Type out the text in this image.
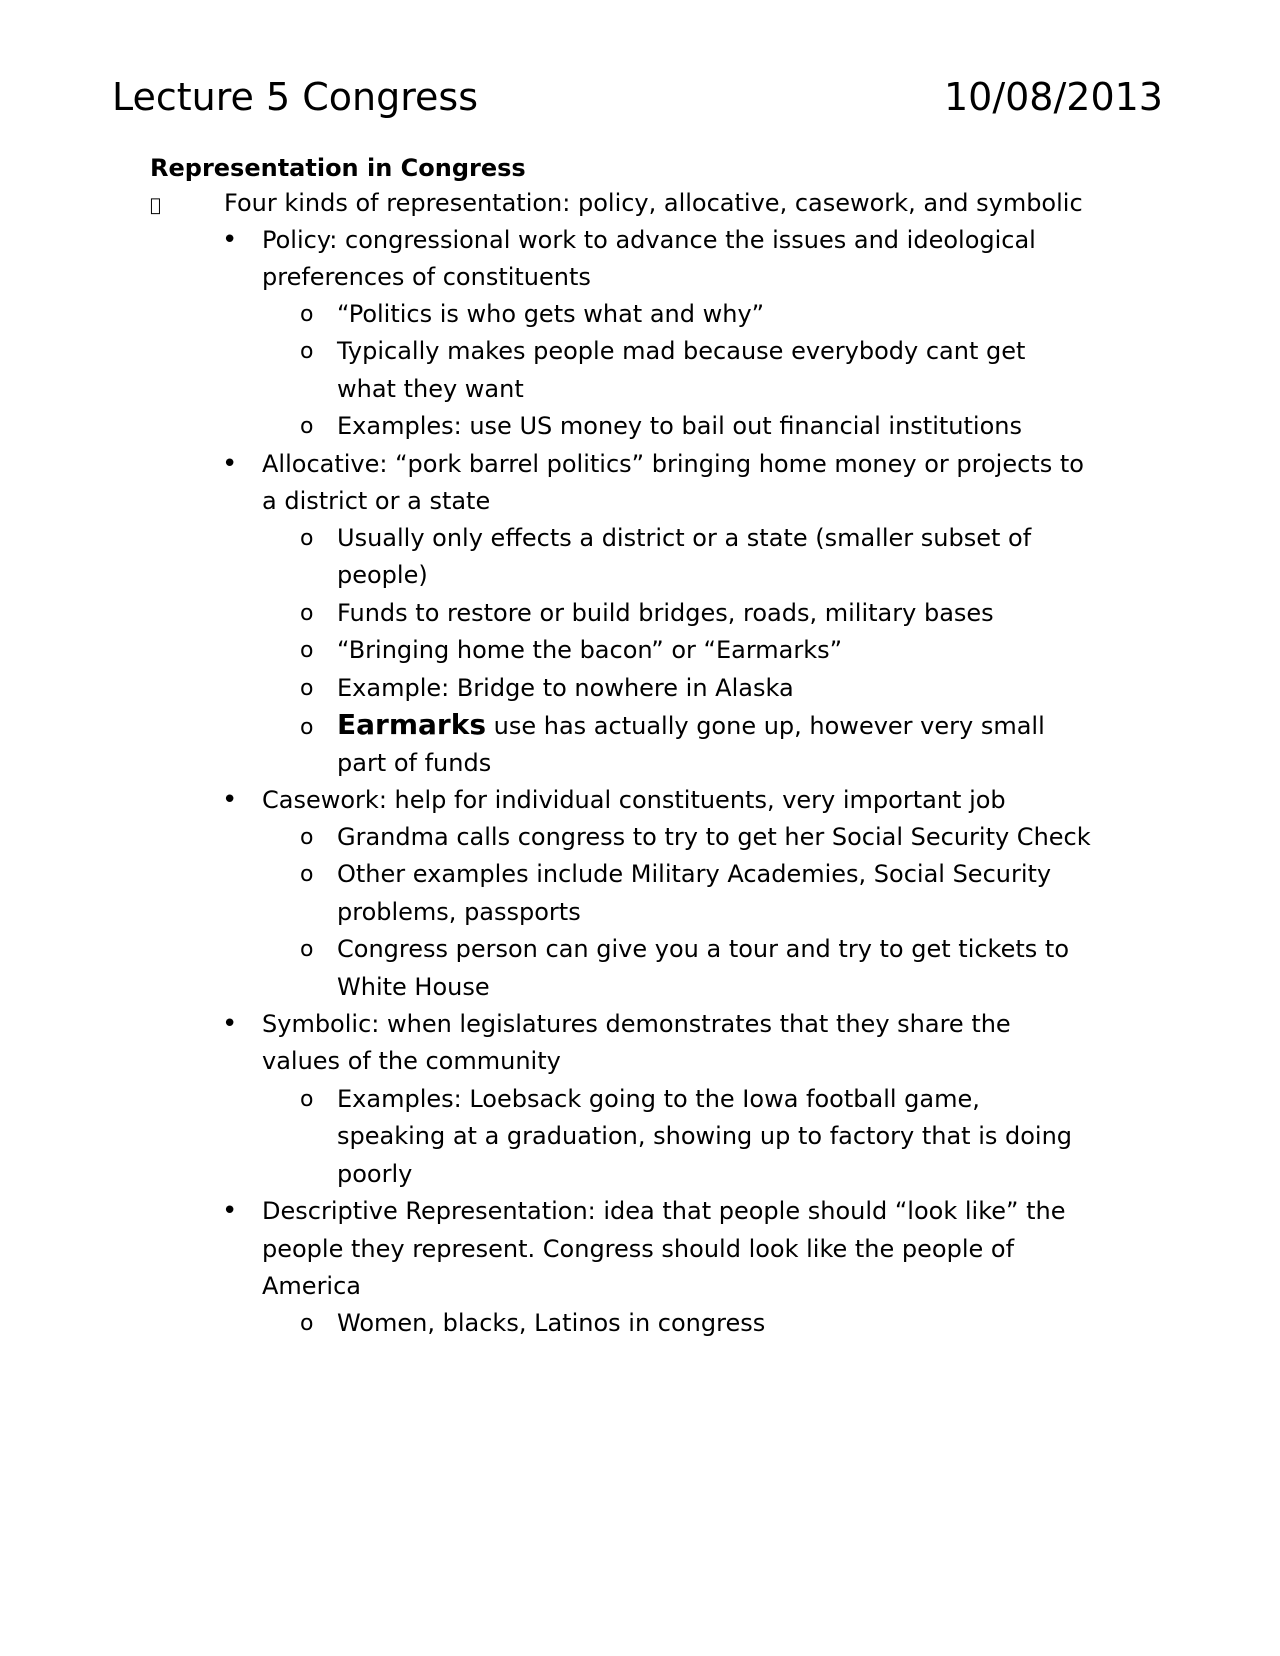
Lecture 5 Congress	10/08/2013
Representation in Congress
Four kinds of representation: policy, allocative, casework, and symbolic
• Policy: congressional work to advance the issues and ideological
preferences of constituents
o “Politics is who gets what and why”
o Typically makes people mad because everybody cant get
what they want
o Examples: use US money to bail out financial institutions
• Allocative: “pork barrel politics” bringing home money or projects to
a district or a state
o Usually only effects a district or a state (smaller subset of
people)
o Funds to restore or build bridges, roads, military bases
o “Bringing home the bacon” or “Earmarks”
o Example: Bridge to nowhere in Alaska
o Earmarks use has actually gone up, however very small
part of funds
• Casework: help for individual constituents, very important job
o Grandma calls congress to try to get her Social Security Check
o Other examples include Military Academies, Social Security
problems, passports
o Congress person can give you a tour and try to get tickets to
White House
• Symbolic: when legislatures demonstrates that they share the
values of the community
o Examples: Loebsack going to the Iowa football game,
speaking at a graduation, showing up to factory that is doing
poorly
• Descriptive Representation: idea that people should “look like” the
people they represent. Congress should look like the people of
America
o Women, blacks, Latinos in congress
